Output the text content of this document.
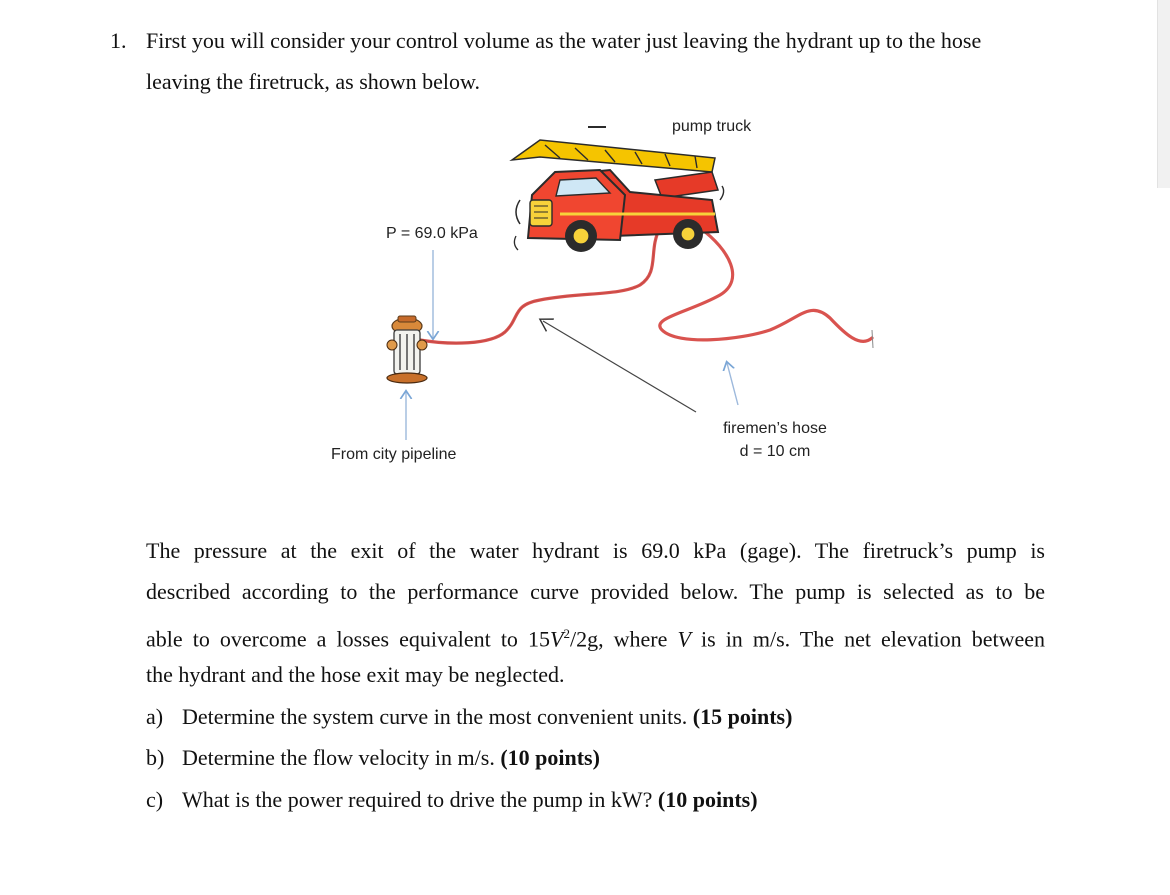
1. First you will consider your control volume as the water just leaving the hydrant up to the hose
leaving the firetruck, as shown below.
pump truck
P = 69.0 kPa
From city pipeline
firemen’s hose
d = 10 cm
The pressure at the exit of the water hydrant is 69.0 kPa (gage). The firetruck’s pump is
described according to the performance curve provided below. The pump is selected as to be
able to overcome a losses equivalent to $15V^2/2g$, where V is in m/s. The net elevation between
the hydrant and the hose exit may be neglected.
a) Determine the system curve in the most convenient units. (15 points)
b) Determine the flow velocity in m/s. (10 points)
c) What is the power required to drive the pump in kW? (10 points)
